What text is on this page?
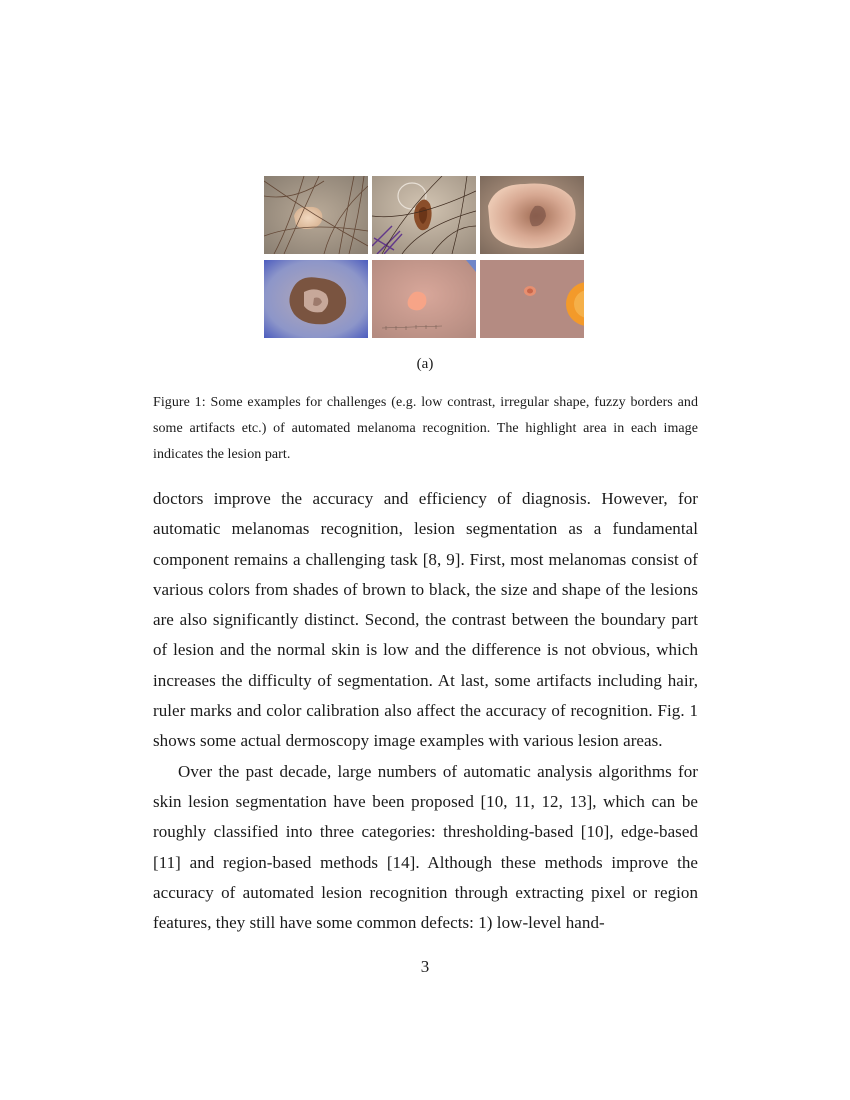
(a)
Figure 1: Some examples for challenges (e.g. low contrast, irregular shape, fuzzy borders and some artifacts etc.) of automated melanoma recognition. The highlight area in each image indicates the lesion part.

doctors improve the accuracy and efficiency of diagnosis. However, for automatic melanomas recognition, lesion segmentation as a fundamental component remains a challenging task [8, 9]. First, most melanomas consist of various colors from shades of brown to black, the size and shape of the lesions are also significantly distinct. Second, the contrast between the boundary part of lesion and the normal skin is low and the difference is not obvious, which increases the difficulty of segmentation. At last, some artifacts including hair, ruler marks and color calibration also affect the accuracy of recognition. Fig. 1 shows some actual dermoscopy image examples with various lesion areas.

Over the past decade, large numbers of automatic analysis algorithms for skin lesion segmentation have been proposed [10, 11, 12, 13], which can be roughly classified into three categories: thresholding-based [10], edge-based [11] and region-based methods [14]. Although these methods improve the accuracy of automated lesion recognition through extracting pixel or region features, they still have some common defects: 1) low-level hand-

3
